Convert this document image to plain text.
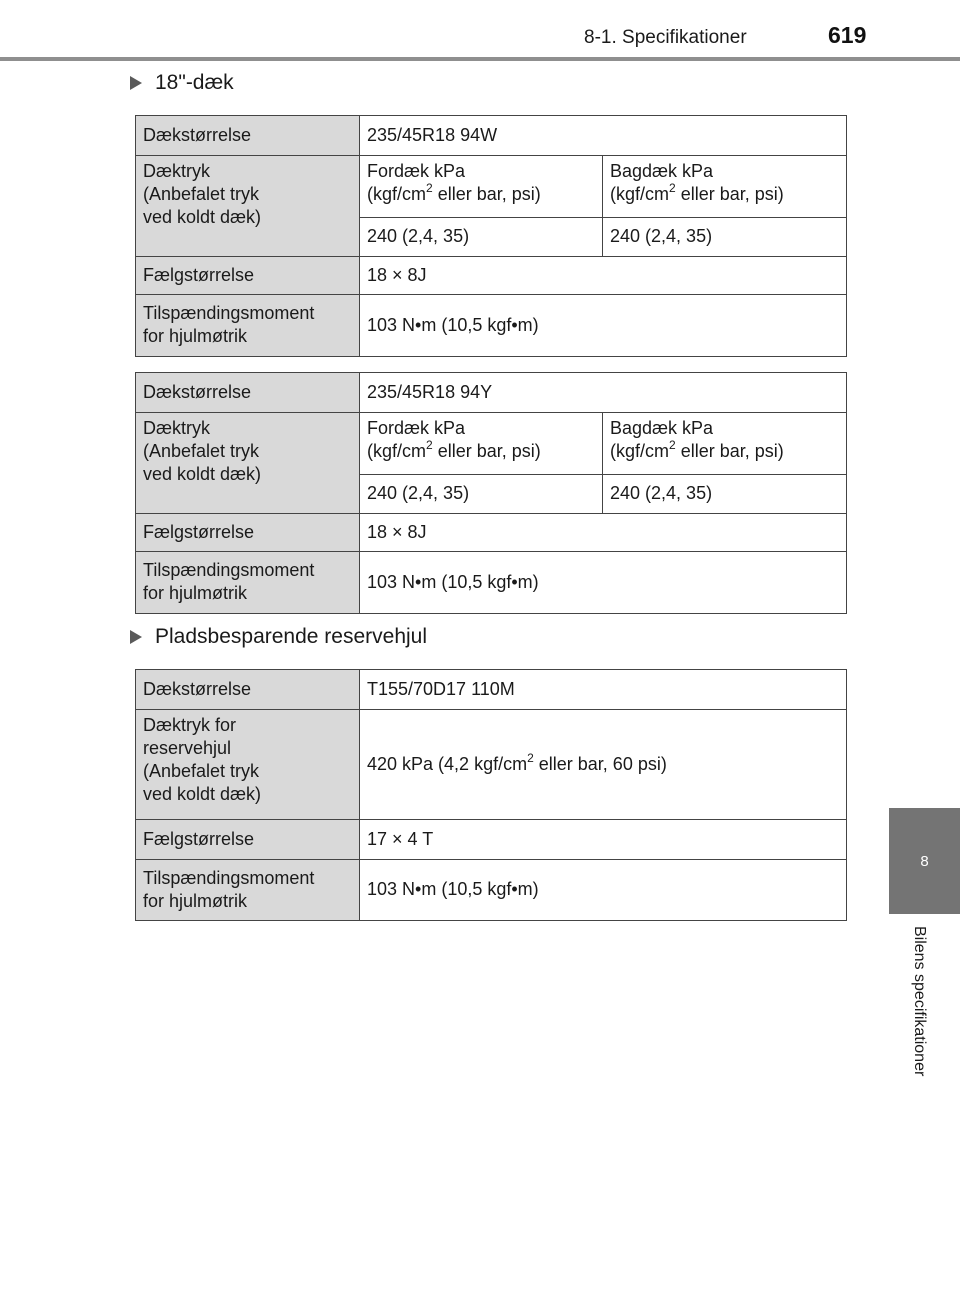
8-1. Specifikationer	619
8
Bilens specifikationer
18"-dæk
Dækstørrelse	235/45R18 94W	
Dæktryk
(Anbefalet tryk
ved koldt dæk)	Fordæk kPa
($kgf/cm^2$ eller bar, psi)	Bagdæk kPa
($kgf/cm^2$ eller bar, psi)
	240 (2,4, 35)	240 (2,4, 35)
Fælgstørrelse	18 × 8J	
Tilspændingsmoment
for hjulmøtrik	103 N•m (10,5 kgf•m)	
Dækstørrelse	235/45R18 94Y	
Dæktryk
(Anbefalet tryk
ved koldt dæk)	Fordæk kPa
($kgf/cm^2$ eller bar, psi)	Bagdæk kPa
($kgf/cm^2$ eller bar, psi)
	240 (2,4, 35)	240 (2,4, 35)
Fælgstørrelse	18 × 8J	
Tilspændingsmoment
for hjulmøtrik	103 N•m (10,5 kgf•m)	
Pladsbesparende reservehjul
Dækstørrelse	T155/70D17 110M
Dæktryk for
reservehjul
(Anbefalet tryk
ved koldt dæk)	420 kPa (4,2 kgf/$cm^2$ eller bar, 60 psi)
Fælgstørrelse	17 × 4 T
Tilspændingsmoment
for hjulmøtrik	103 N•m (10,5 kgf•m)
